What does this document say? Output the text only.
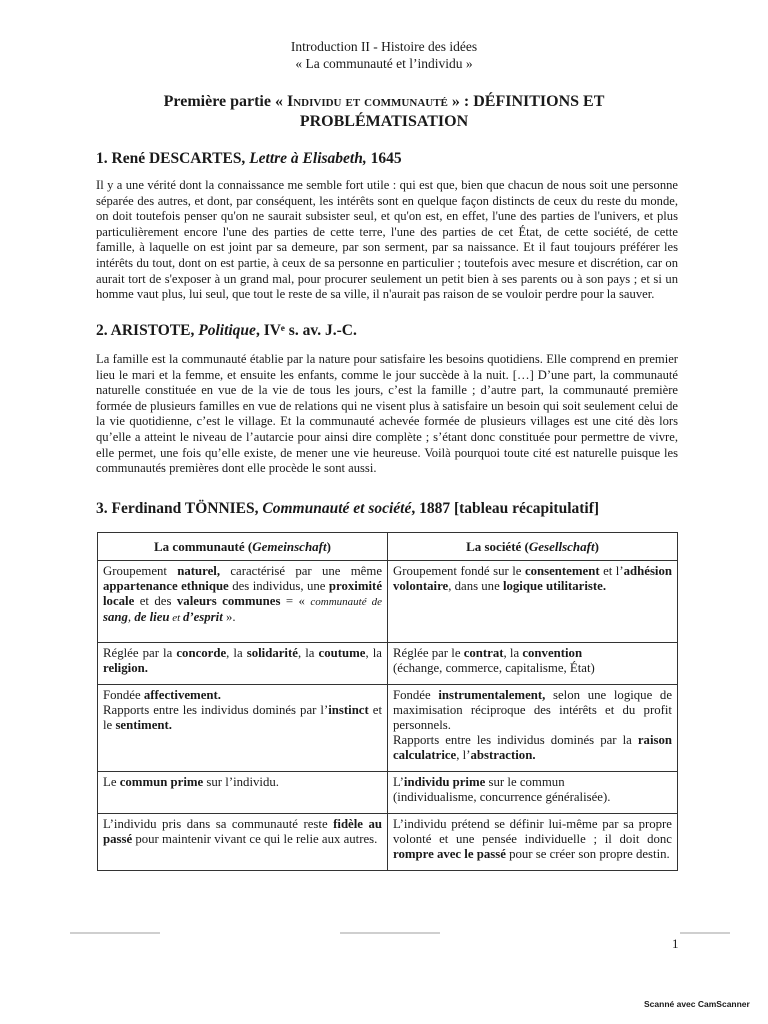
Introduction II - Histoire des idées
« La communauté et l’individu »
Première partie « Individu et communauté » : DÉFINITIONS ET
PROBLÉMATISATION
1. René DESCARTES, Lettre à Elisabeth, 1645
Il y a une vérité dont la connaissance me semble fort utile : qui est que, bien que chacun de nous soit une personne séparée des autres, et dont, par conséquent, les intérêts sont en quelque façon distincts de ceux du reste du monde, on doit toutefois penser qu'on ne saurait subsister seul, et qu'on est, en effet, l'une des parties de l'univers, et plus particulièrement encore l'une des parties de cette terre, l'une des parties de cet État, de cette société, de cette famille, à laquelle on est joint par sa demeure, par son serment, par sa naissance. Et il faut toujours préférer les intérêts du tout, dont on est partie, à ceux de sa personne en particulier ; toutefois avec mesure et discrétion, car on aurait tort de s'exposer à un grand mal, pour procurer seulement un petit bien à ses parents ou à son pays ; et si un homme vaut plus, lui seul, que tout le reste de sa ville, il n'aurait pas raison de se vouloir perdre pour la sauver.
2. ARISTOTE, Politique, IVᵉ s. av. J.-C.
La famille est la communauté établie par la nature pour satisfaire les besoins quotidiens. Elle comprend en premier lieu le mari et la femme, et ensuite les enfants, comme le jour succède à la nuit. […] D’une part, la communauté naturelle constituée en vue de la vie de tous les jours, c’est la famille ; d’autre part, la communauté première formée de plusieurs familles en vue de relations qui ne visent plus à satisfaire un besoin qui soit seulement celui de la vie quotidienne, c’est le village. Et la communauté achevée formée de plusieurs villages est une cité dès lors qu’elle a atteint le niveau de l’autarcie pour ainsi dire complète ; s’étant donc constituée pour permettre de vivre, elle permet, une fois qu’elle existe, de mener une vie heureuse. Voilà pourquoi toute cité est naturelle puisque les communautés premières dont elle procède le sont aussi.
3. Ferdinand TÖNNIES, Communauté et société, 1887 [tableau récapitulatif]
La communauté (Gemeinschaft)	La société (Gesellschaft)
Groupement naturel, caractérisé par une même appartenance ethnique des individus, une proximité locale et des valeurs communes = « communauté de sang, de lieu et d’esprit ».	Groupement fondé sur le consentement et l’adhésion volontaire, dans une logique utilitariste.
Réglée par la concorde, la solidarité, la coutume, la religion.	Réglée par le contrat, la convention
(échange, commerce, capitalisme, État)
Fondée affectivement.
Rapports entre les individus dominés par l’instinct et le sentiment.	Fondée instrumentalement, selon une logique de maximisation réciproque des intérêts et du profit personnels.
Rapports entre les individus dominés par la raison calculatrice, l’abstraction.
Le commun prime sur l’individu.	L’individu prime sur le commun
(individualisme, concurrence généralisée).
L’individu pris dans sa communauté reste fidèle au passé pour maintenir vivant ce qui le relie aux autres.	L’individu prétend se définir lui-même par sa propre volonté et une pensée individuelle ; il doit donc rompre avec le passé pour se créer son propre destin.
1
Scanné avec CamScanner
